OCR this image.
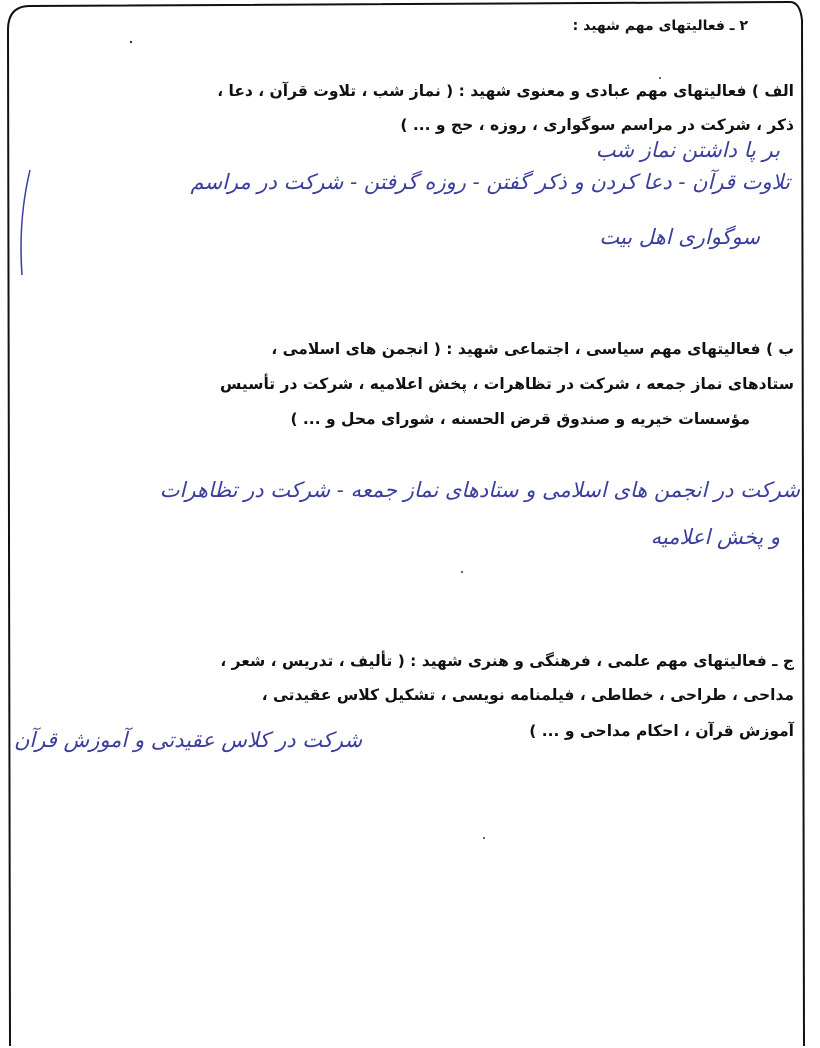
۲ ـ فعالیتهای مهم شهید :
الف ) فعالیتهای مهم عبادی و معنوی شهید : ( نماز شب ، تلاوت قرآن ، دعا ،
ذکر ، شرکت در مراسم سوگواری ، روزه ، حج و ... )
بر پا داشتن نماز شب
تلاوت قرآن - دعا کردن و ذکر گفتن - روزه گرفتن - شرکت در مراسم
سوگواری اهل بیت
ب ) فعالیتهای مهم سیاسی ، اجتماعی شهید : ( انجمن های اسلامی ،
ستادهای نماز جمعه ، شرکت در تظاهرات ، پخش اعلامیه ، شرکت در تأسیس
مؤسسات خیریه و صندوق قرض الحسنه ، شورای محل و ... )
شرکت در انجمن های اسلامی و ستادهای نماز جمعه - شرکت در تظاهرات
و پخش اعلامیه
ج ـ فعالیتهای مهم علمی ، فرهنگی و هنری شهید : ( تألیف ، تدریس ، شعر ،
مداحی ، طراحی ، خطاطی ، فیلمنامه نویسی ، تشکیل کلاس عقیدتی ،
آموزش قرآن ، احکام مداحی و ... )
شرکت در کلاس عقیدتی و آموزش قرآن
